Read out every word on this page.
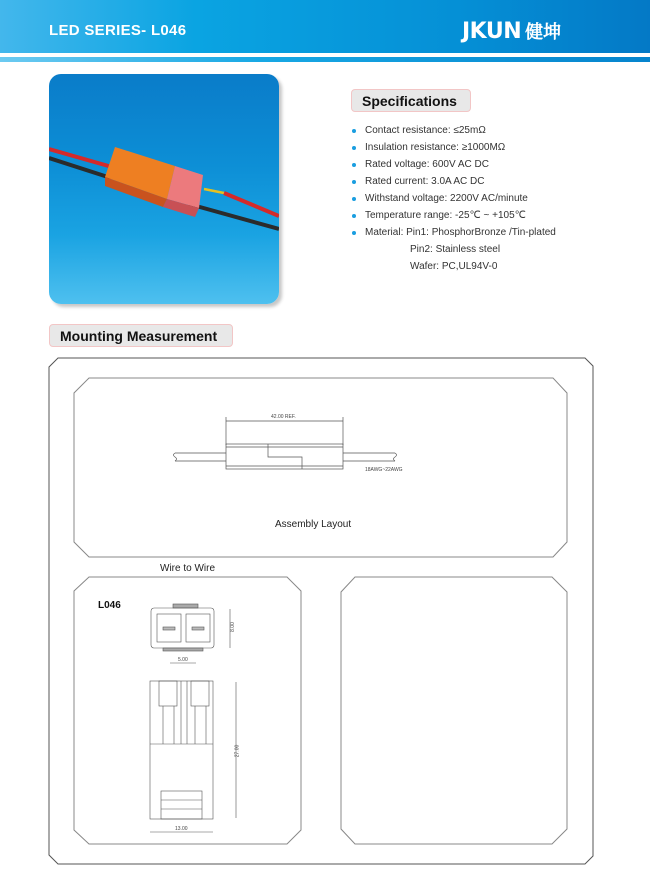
LED SERIES- L046	JKUN 健坤
Specifications
Contact resistance: ≤25mΩ
Insulation resistance: ≥1000MΩ
Rated voltage: 600V AC DC
Rated current: 3.0A AC DC
Withstand voltage: 2200V AC/minute
Temperature range: -25℃ ~ +105℃
Material: Pin1: PhosphorBronze /Tin-plated
Pin2: Stainless steel
Wafer: PC,UL94V-0
Mounting Measurement
42.00 REF.
18AWG~22AWG
Assembly Layout
Wire to Wire
L046
8.00
5.00
27.00
13.00
